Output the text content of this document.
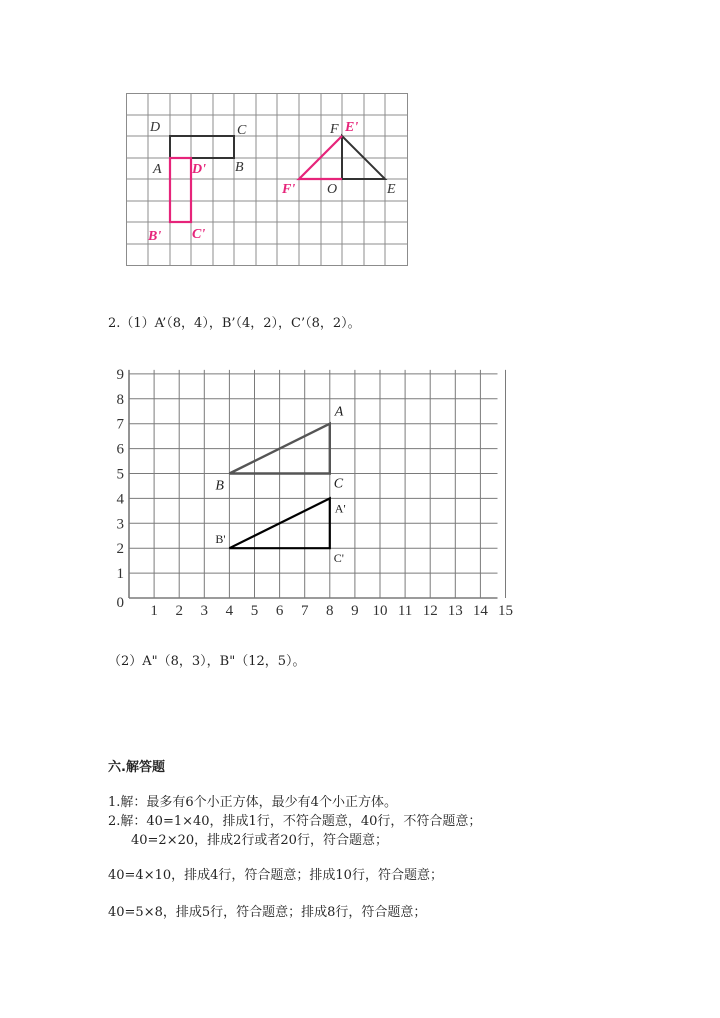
D	C
A	B
D'
B' C'
F E'
F' O	E
2.（1）A’（8，4），B’（4，2），C’（8，2）。
1 2 3 4 5 6 7 8 9 10 11 12 13 14 15
0
1
2
3
4
5
6
7
8
9
A
B	C
A'
B'
C'
（2）A"（8，3），B"（12，5）。
六.解答题
1.解：最多有6个小正方体，最少有4个小正方体。
2.解：40=1×40，排成1行，不符合题意，40行，不符合题意；
40=2×20，排成2行或者20行，符合题意；
40=4×10，排成4行，符合题意；排成10行，符合题意；
40=5×8，排成5行，符合题意；排成8行，符合题意；
